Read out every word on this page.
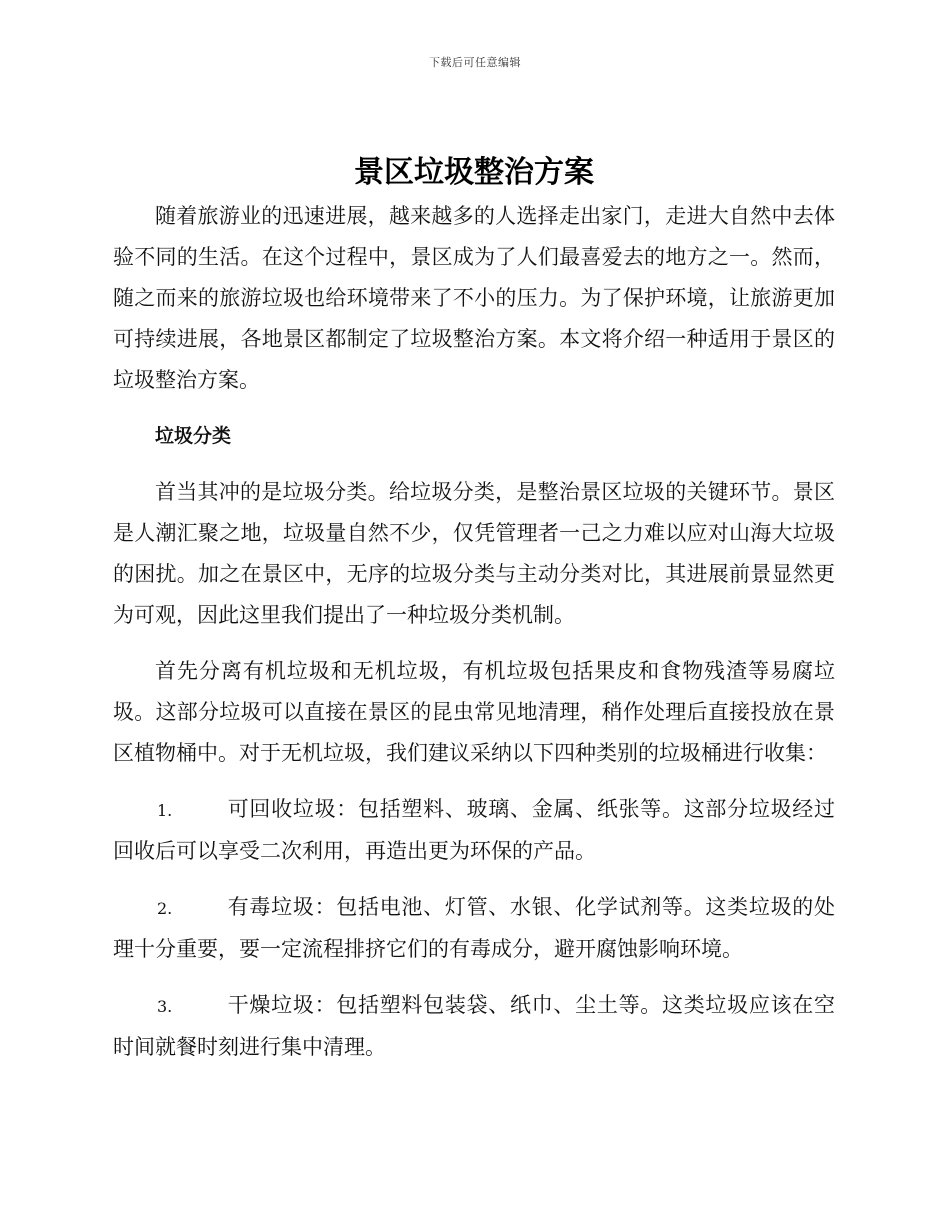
下载后可任意编辑
景区垃圾整治方案

随着旅游业的迅速进展，越来越多的人选择走出家门，走进大自然中去体验不同的生活。在这个过程中，景区成为了人们最喜爱去的地方之一。然而，随之而来的旅游垃圾也给环境带来了不小的压力。为了保护环境，让旅游更加可持续进展，各地景区都制定了垃圾整治方案。本文将介绍一种适用于景区的垃圾整治方案。

垃圾分类

首当其冲的是垃圾分类。给垃圾分类，是整治景区垃圾的关键环节。景区是人潮汇聚之地，垃圾量自然不少，仅凭管理者一己之力难以应对山海大垃圾的困扰。加之在景区中，无序的垃圾分类与主动分类对比，其进展前景显然更为可观，因此这里我们提出了一种垃圾分类机制。

首先分离有机垃圾和无机垃圾，有机垃圾包括果皮和食物残渣等易腐垃圾。这部分垃圾可以直接在景区的昆虫常见地清理，稍作处理后直接投放在景区植物桶中。对于无机垃圾，我们建议采纳以下四种类别的垃圾桶进行收集：

1.	可回收垃圾：包括塑料、玻璃、金属、纸张等。这部分垃圾经过回收后可以享受二次利用，再造出更为环保的产品。
2.	有毒垃圾：包括电池、灯管、水银、化学试剂等。这类垃圾的处理十分重要，要一定流程排挤它们的有毒成分，避开腐蚀影响环境。
3.	干燥垃圾：包括塑料包装袋、纸巾、尘土等。这类垃圾应该在空时间就餐时刻进行集中清理。
